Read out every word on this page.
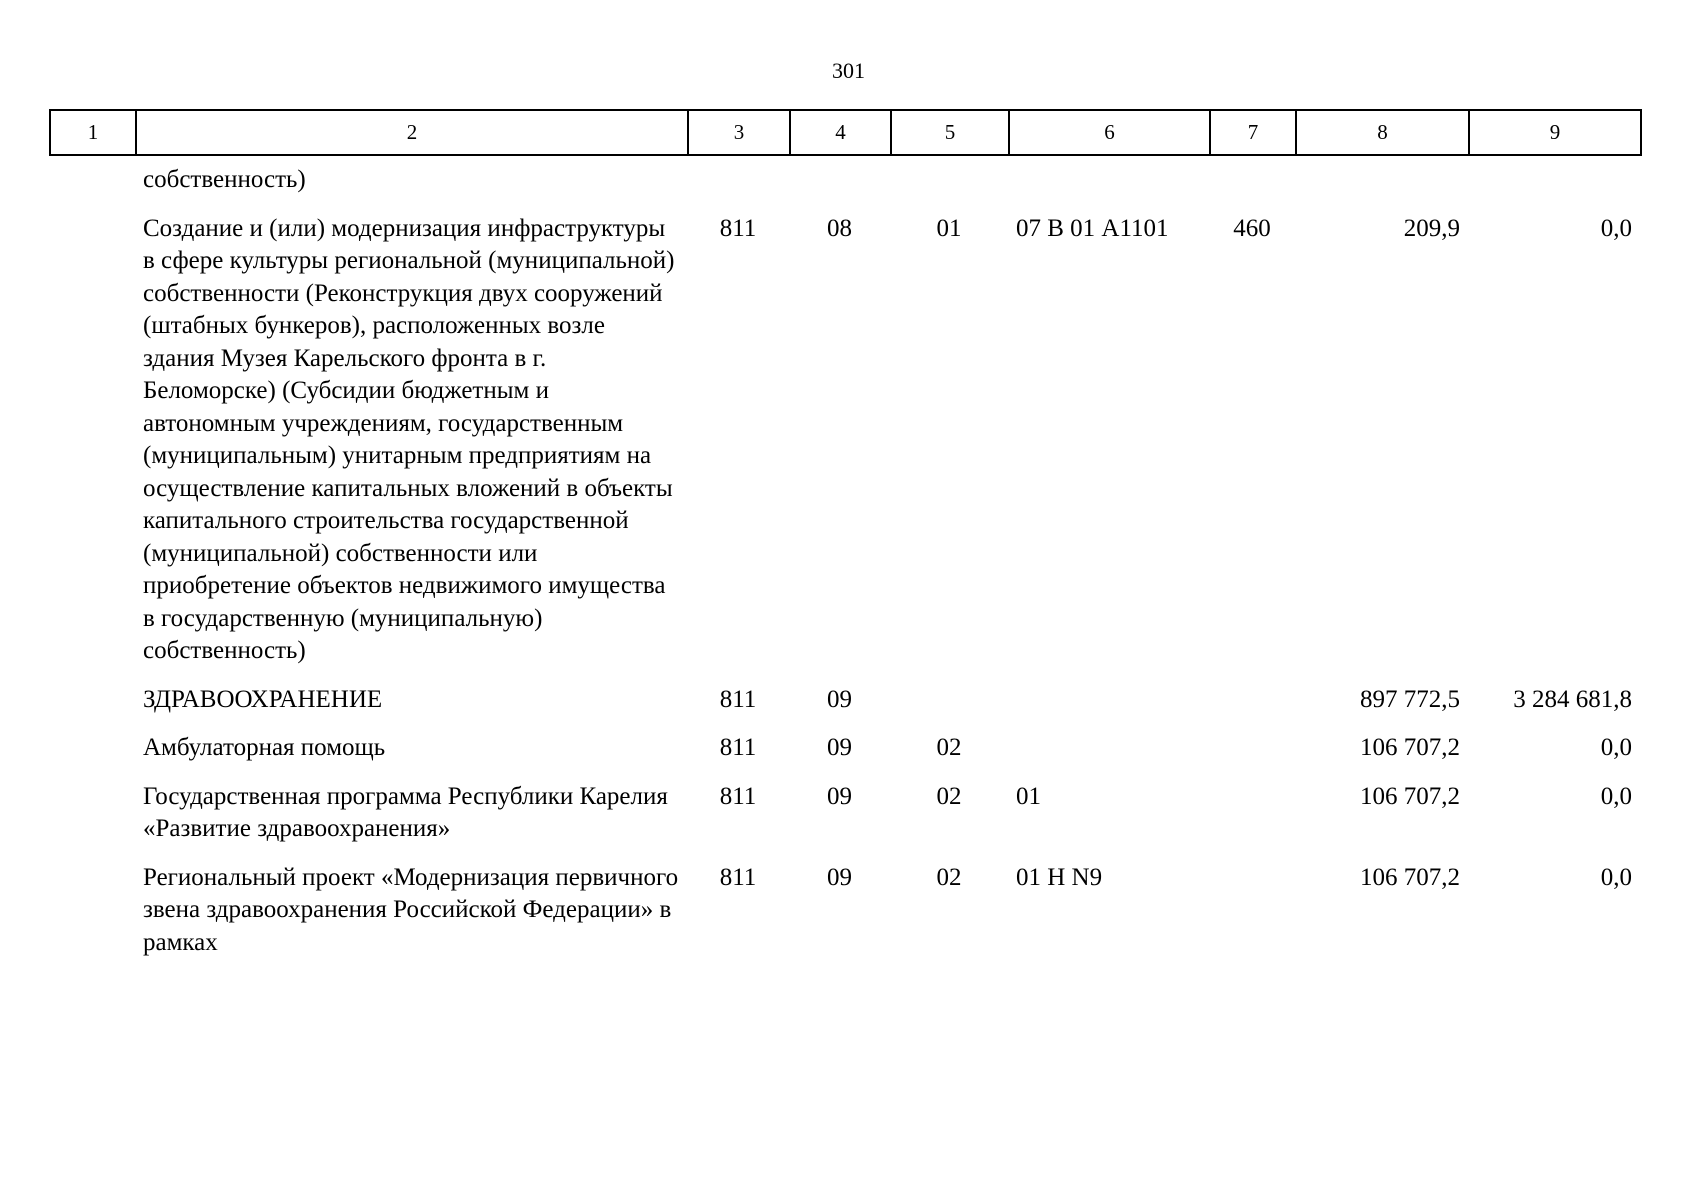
301
1	2	3	4	5	6	7	8	9
собственность)							
Создание и (или) модернизация инфраструктуры в сфере культуры региональной (муниципальной) собственности (Реконструкция двух сооружений (штабных бункеров), расположенных возле здания Музея Карельского фронта в г. Беломорске) (Субсидии бюджетным и автономным учреждениям, государственным (муниципальным) унитарным предприятиям на осуществление капитальных вложений в объекты капитального строительства государственной (муниципальной) собственности или приобретение объектов недвижимого имущества в государственную (муниципальную) собственность)	811	08	01	07 В 01 А1101	460	209,9	0,0
ЗДРАВООХРАНЕНИЕ	811	09				897 772,5	3 284 681,8
Амбулаторная помощь	811	09	02			106 707,2	0,0
Государственная программа Республики Карелия «Развитие здравоохранения»	811	09	02	01		106 707,2	0,0
Региональный проект «Модернизация первичного звена здравоохранения Российской Федерации» в рамках	811	09	02	01 Н N9		106 707,2	0,0
